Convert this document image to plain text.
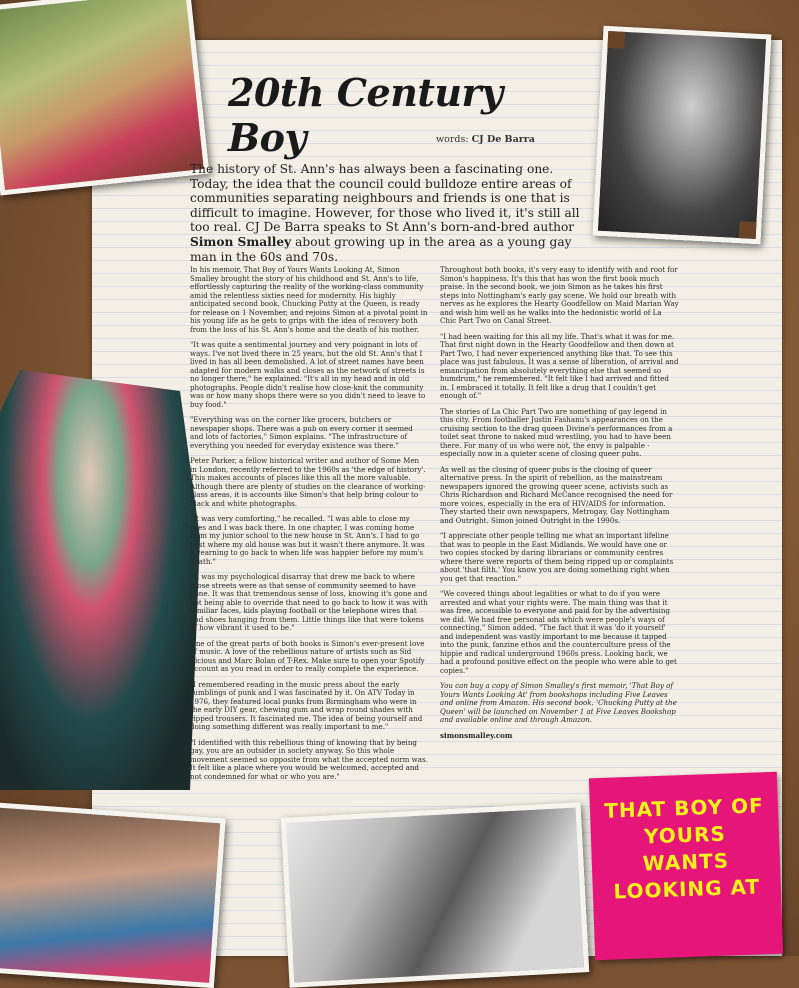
20th Century Boy	words: CJ De Barra
The history of St. Ann's has always been a fascinating one. Today, the idea that the council could bulldoze entire areas of communities separating neighbours and friends is one that is difficult to imagine. However, for those who lived it, it's still all too real. CJ De Barra speaks to St Ann's born-and-bred author Simon Smalley about growing up in the area as a young gay man in the 60s and 70s.

In his memoir, That Boy of Yours Wants Looking At, Simon Smalley brought the story of his childhood and St. Ann's to life, effortlessly capturing the reality of the working-class community amid the relentless sixties need for modernity. His highly anticipated second book, Chucking Putty at the Queen, is ready for release on 1 November, and rejoins Simon at a pivotal point in his young life as he gets to grips with the idea of recovery both from the loss of his St. Ann's home and the death of his mother.

"It was quite a sentimental journey and very poignant in lots of ways. I've not lived there in 25 years, but the old St. Ann's that I lived in has all been demolished. A lot of street names have been adapted for modern walks and closes as the network of streets is no longer there," he explained. "It's all in my head and in old photographs. People didn't realise how close-knit the community was or how many shops there were so you didn't need to leave to buy food."

"Everything was on the corner like grocers, butchers or newspaper shops. There was a pub on every corner it seemed and lots of factories," Simon explains. "The infrastructure of everything you needed for everyday existence was there."

Peter Parker, a fellow historical writer and author of Some Men in London, recently referred to the 1960s as 'the edge of history'. This makes accounts of places like this all the more valuable. Although there are plenty of studies on the clearance of working-class areas, it is accounts like Simon's that help bring colour to black and white photographs.

"It was very comforting," he recalled. "I was able to close my eyes and I was back there. In one chapter, I was coming home from my junior school to the new house in St. Ann's. I had to go past where my old house was but it wasn't there anymore. It was a yearning to go back to when life was happier before my mum's death."

"It was my psychological disarray that drew me back to where those streets were as that sense of community seemed to have gone. It was that tremendous sense of loss, knowing it's gone and not being able to override that need to go back to how it was with familiar faces, kids playing football or the telephone wires that had shoes hanging from them. Little things like that were tokens of how vibrant it used to be."

One of the great parts of both books is Simon's ever-present love of music. A love of the rebellious nature of artists such as Sid Vicious and Marc Bolan of T-Rex. Make sure to open your Spotify account as you read in order to really complete the experience.

"I remembered reading in the music press about the early rumblings of punk and I was fascinated by it. On ATV Today in 1976, they featured local punks from Birmingham who were in the early DIY gear, chewing gum and wrap round shades with ripped trousers. It fascinated me. The idea of being yourself and doing something different was really important to me."

"I identified with this rebellious thing of knowing that by being gay, you are an outsider in society anyway. So this whole movement seemed so opposite from what the accepted norm was. It felt like a place where you would be welcomed, accepted and not condemned for what or who you are."

Throughout both books, it's very easy to identify with and root for Simon's happiness. It's this that has won the first book much praise. In the second book, we join Simon as he takes his first steps into Nottingham's early gay scene. We hold our breath with nerves as he explores the Hearty Goodfellow on Maid Marian Way and wish him well as he walks into the hedonistic world of La Chic Part Two on Canal Street.

"I had been waiting for this all my life. That's what it was for me. That first night down in the Hearty Goodfellow and then down at Part Two, I had never experienced anything like that. To see this place was just fabulous. It was a sense of liberation, of arrival and emancipation from absolutely everything else that seemed so humdrum," he remembered. "It felt like I had arrived and fitted in. I embraced it totally. It felt like a drug that I couldn't get enough of."

The stories of La Chic Part Two are something of gay legend in this city. From footballer Justin Fashanu's appearances on the cruising section to the drag queen Divine's performances from a toilet seat throne to naked mud wrestling, you had to have been there. For many of us who were not, the envy is palpable - especially now in a quieter scene of closing queer pubs.

As well as the closing of queer pubs is the closing of queer alternative press. In the spirit of rebellion, as the mainstream newspapers ignored the growing queer scene, activists such as Chris Richardson and Richard McCance recognised the need for more voices, especially in the era of HIV/AIDS for information. They started their own newspapers, Metrogay, Gay Nottingham and Outright. Simon joined Outright in the 1990s.

"I appreciate other people telling me what an important lifeline that was to people in the East Midlands. We would have one or two copies stocked by daring librarians or community centres where there were reports of them being ripped up or complaints about 'that filth.' You know you are doing something right when you get that reaction."

"We covered things about legalities or what to do if you were arrested and what your rights were. The main thing was that it was free, accessible to everyone and paid for by the advertising we did. We had free personal ads which were people's ways of connecting," Simon added. "The fact that it was 'do it yourself' and independent was vastly important to me because it tapped into the punk, fanzine ethos and the counterculture press of the hippie and radical underground 1960s press. Looking back, we had a profound positive effect on the people who were able to get copies."

You can buy a copy of Simon Smalley's first memoir, 'That Boy of Yours Wants Looking At' from bookshops including Five Leaves and online from Amazon. His second book, 'Chucking Putty at the Queen' will be launched on November 1 at Five Leaves Bookshop and available online and through Amazon.

simonsmalley.com

THAT BOY OF YOURS WANTS LOOKING AT
